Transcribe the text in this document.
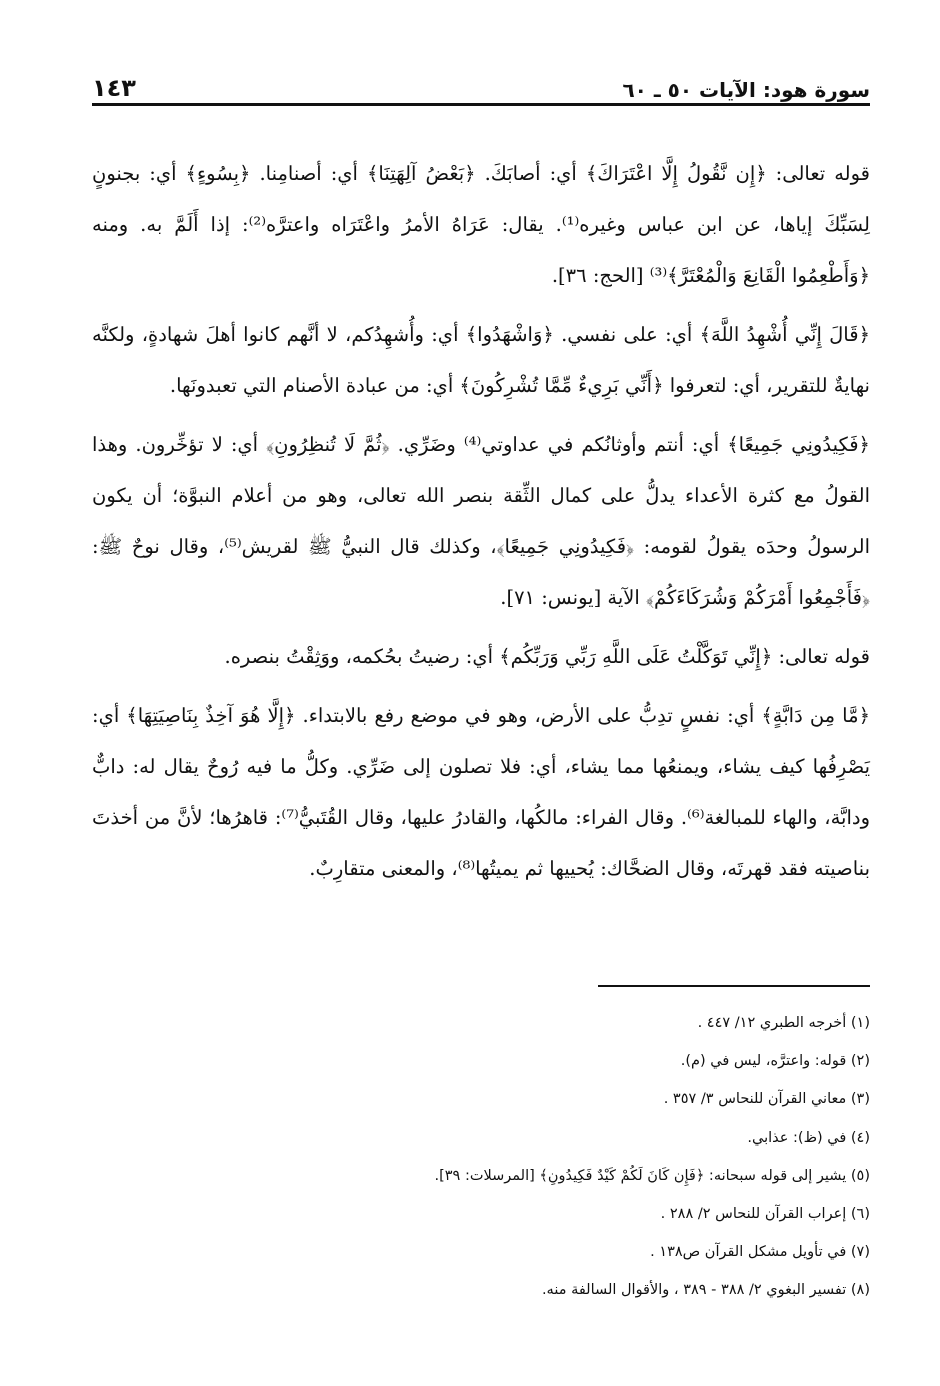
سورة هود: الآيات ٥٠ ـ ٦٠
١٤٣

قوله تعالى: ﴿إِن نَّقُولُ إِلَّا اعْتَرَاكَ﴾ أي: أصابَكَ. ﴿بَعْضُ آلِهَتِنَا﴾ أي: أصنامِنا. ﴿بِسُوءٍ﴾ أي: بجنونٍ لِسَبِّكَ إياها، عن ابن عباس وغيره⁽¹⁾. يقال: عَرَاهُ الأمرُ واعْتَرَاه واعترَّه⁽²⁾: إذا أَلَمَّ به. ومنه ﴿وَأَطْعِمُوا الْقَانِعَ وَالْمُعْتَرَّ﴾⁽³⁾ [الحج: ٣٦].

﴿قَالَ إِنِّي أُشْهِدُ اللَّهَ﴾ أي: على نفسي. ﴿وَاشْهَدُوا﴾ أي: وأُشهِدُكم، لا أنَّهم كانوا أهلَ شهادةٍ، ولكنَّه نهايةٌ للتقرير، أي: لتعرفوا ﴿أَنِّي بَرِيءٌ مِّمَّا تُشْرِكُونَ﴾ أي: من عبادة الأصنام التي تعبدونَها.

﴿فَكِيدُونِي جَمِيعًا﴾ أي: أنتم وأوثانُكم في عداوتي⁽⁴⁾ وضَرِّي. ﴿ثُمَّ لَا تُنظِرُونِ﴾ أي: لا تؤخِّرون. وهذا القولُ مع كثرة الأعداء يدلُّ على كمال الثِّقة بنصر الله تعالى، وهو من أعلام النبوَّة؛ أن يكون الرسولُ وحدَه يقولُ لقومه: ﴿فَكِيدُونِي جَمِيعًا﴾، وكذلك قال النبيُّ ﷺ لقريش⁽⁵⁾، وقال نوحٌ ﷺ: ﴿فَأَجْمِعُوا أَمْرَكُمْ وَشُرَكَاءَكُمْ﴾ الآية [يونس: ٧١].

قوله تعالى: ﴿إِنِّي تَوَكَّلْتُ عَلَى اللَّهِ رَبِّي وَرَبِّكُم﴾ أي: رضيتُ بحُكمه، ووَثِقْتُ بنصره.

﴿مَّا مِن دَابَّةٍ﴾ أي: نفسٍ تدِبُّ على الأرض، وهو في موضع رفع بالابتداء. ﴿إِلَّا هُوَ آخِذٌ بِنَاصِيَتِهَا﴾ أي: يَصْرِفُها كيف يشاء، ويمنعُها مما يشاء، أي: فلا تصلون إلى ضَرِّي. وكلُّ ما فيه رُوحٌ يقال له: دابٌّ ودابَّة، والهاء للمبالغة⁽⁶⁾. وقال الفراء: مالكُها، والقادرُ عليها، وقال القُتَبيُّ⁽⁷⁾: قاهرُها؛ لأنَّ من أخذتَ بناصيته فقد قهرتَه، وقال الضحَّاك: يُحييها ثم يميتُها⁽⁸⁾، والمعنى متقارِبٌ.

(١) أخرجه الطبري ١٢/ ٤٤٧ .
(٢) قوله: واعترَّه، ليس في (م).
(٣) معاني القرآن للنحاس ٣/ ٣٥٧ .
(٤) في (ظ): عذابي.
(٥) يشير إلى قوله سبحانه: ﴿فَإِن كَانَ لَكُمْ كَيْدٌ فَكِيدُونِ﴾ [المرسلات: ٣٩].
(٦) إعراب القرآن للنحاس ٢/ ٢٨٨ .
(٧) في تأويل مشكل القرآن ص١٣٨ .
(٨) تفسير البغوي ٢/ ٣٨٨ - ٣٨٩ ، والأقوال السالفة منه.
